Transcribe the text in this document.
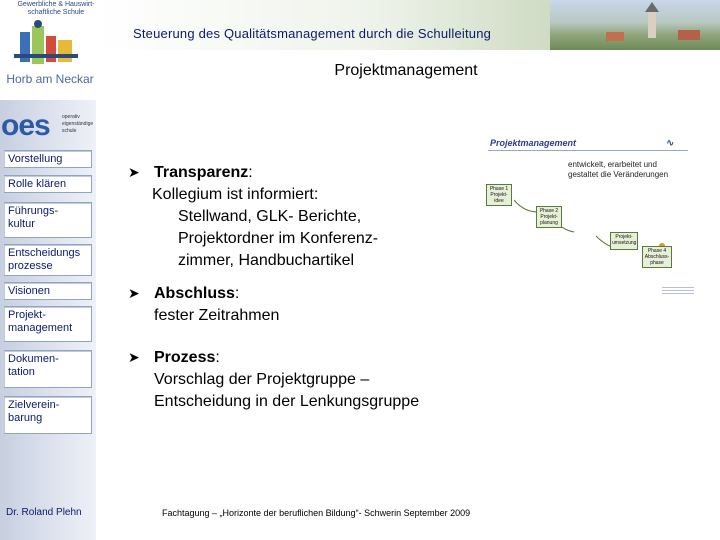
Gewerbliche & Hauswirt-
schaftliche Schule
Horb am Neckar
oes operativ
eigenständige
schule
Vorstellung
Rolle klären
Führungs-
kultur
Entscheidungs
prozesse
Visionen
Projekt-
management
Dokumen-
tation
Zielverein-
barung
Dr. Roland Plehn
Steuerung des Qualitätsmanagement durch die Schulleitung
Projektmanagement
➤ Transparenz:
Kollegium ist informiert:
Stellwand, GLK- Berichte,
Projektordner im Konferenz-
zimmer, Handbuchartikel
➤ Abschluss:
fester Zeitrahmen
➤ Prozess:
Vorschlag der Projektgruppe –
Entscheidung in der Lenkungsgruppe
Projektmanagement	∿
entwickelt, erarbeitet und
gestaltet die Veränderungen
Phase 1
Projekt-
idee
Phase 2
Projekt-
planung
Projekt-
umsetzung
Phase 4
Abschluss-
phase
Fachtagung – „Horizonte der beruflichen Bildung“- Schwerin September 2009
